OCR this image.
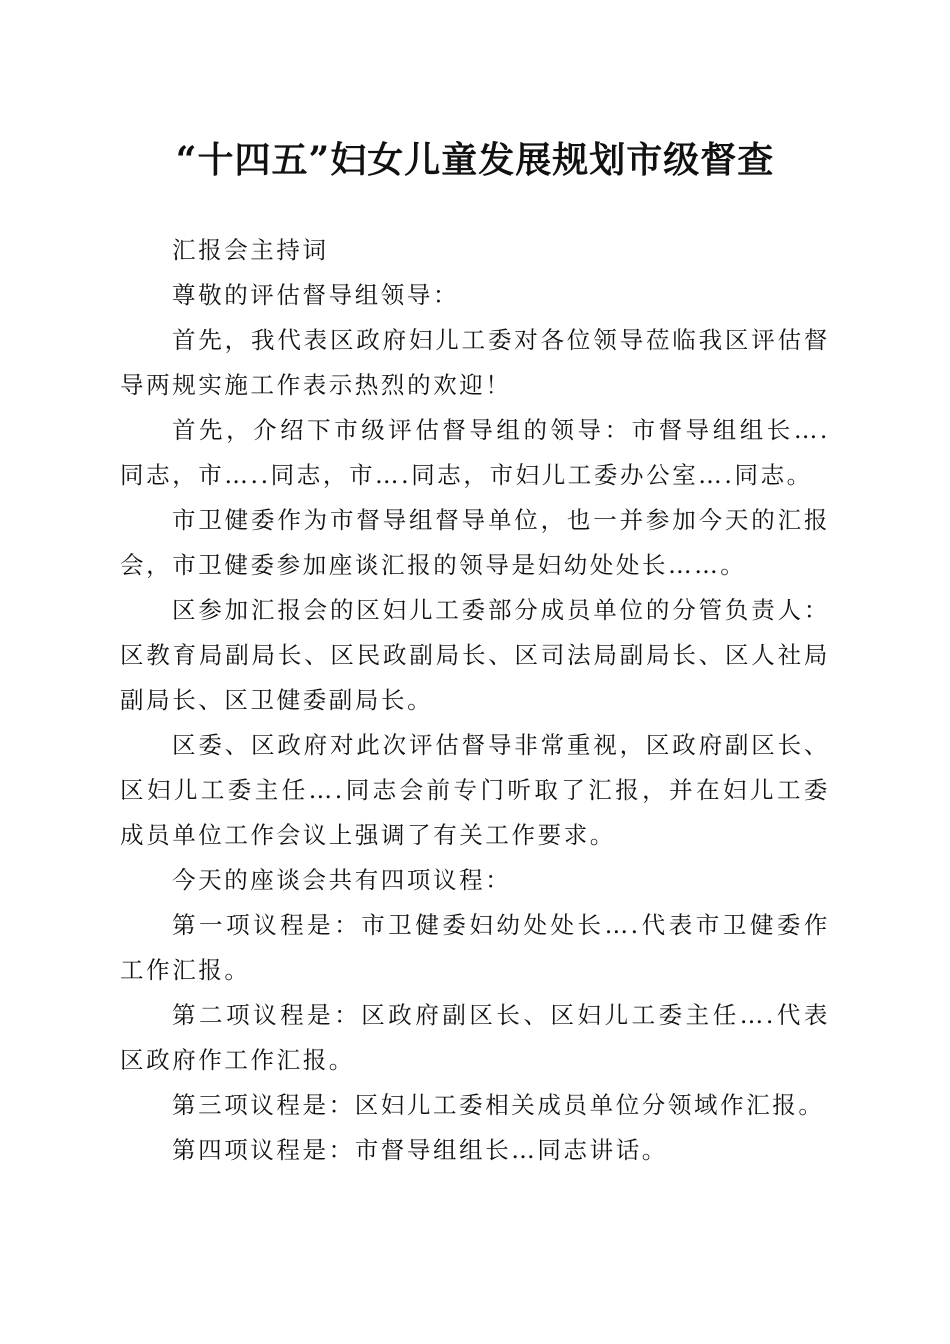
“十四五”妇女儿童发展规划市级督查

汇报会主持词

尊敬的评估督导组领导：

首先，我代表区政府妇儿工委对各位领导莅临我区评估督导两规实施工作表示热烈的欢迎！

首先，介绍下市级评估督导组的领导：市督导组组长….同志，市…..同志，市….同志，市妇儿工委办公室….同志。

市卫健委作为市督导组督导单位，也一并参加今天的汇报会，市卫健委参加座谈汇报的领导是妇幼处处长……。

区参加汇报会的区妇儿工委部分成员单位的分管负责人：区教育局副局长、区民政副局长、区司法局副局长、区人社局副局长、区卫健委副局长。

区委、区政府对此次评估督导非常重视，区政府副区长、区妇儿工委主任….同志会前专门听取了汇报，并在妇儿工委成员单位工作会议上强调了有关工作要求。

今天的座谈会共有四项议程：

第一项议程是：市卫健委妇幼处处长….代表市卫健委作工作汇报。

第二项议程是：区政府副区长、区妇儿工委主任….代表区政府作工作汇报。

第三项议程是：区妇儿工委相关成员单位分领域作汇报。

第四项议程是：市督导组组长…同志讲话。
